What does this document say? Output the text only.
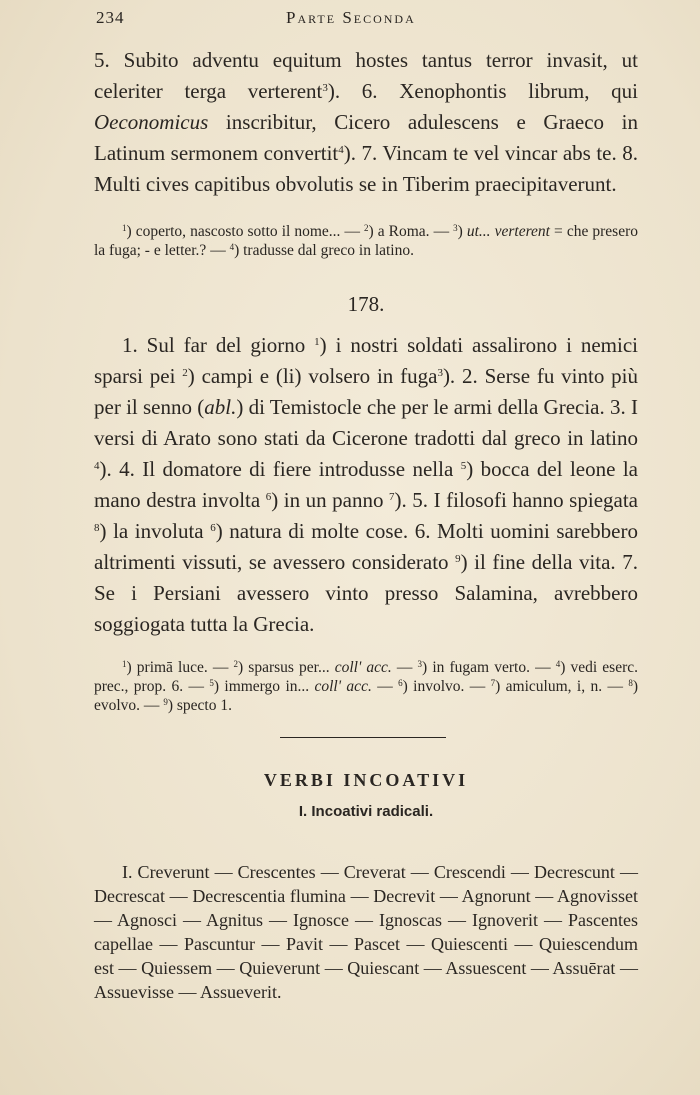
234	Parte Seconda

5. Subito adventu equitum hostes tantus terror invasit, ut celeriter terga verterent$^3$). 6. Xenophontis librum, qui Oeconomicus inscribitur, Cicero adulescens e Graeco in Latinum sermonem convertit$^4$). 7. Vincam te vel vincar abs te. 8. Multi cives capitibus obvolutis se in Tiberim praecipitaverunt.

$^1$) coperto, nascosto sotto il nome... — $^2$) a Roma. — $^3$) ut... verterent = che presero la fuga; - e letter.? — $^4$) tradusse dal greco in latino.

178.

1. Sul far del giorno $^1$) i nostri soldati assalirono i nemici sparsi pei $^2$) campi e (li) volsero in fuga$^3$). 2. Serse fu vinto più per il senno (abl.) di Temistocle che per le armi della Grecia. 3. I versi di Arato sono stati da Cicerone tradotti dal greco in latino $^4$). 4. Il domatore di fiere introdusse nella $^5$) bocca del leone la mano destra involta $^6$) in un panno $^7$). 5. I filosofi hanno spiegata $^8$) la involuta $^6$) natura di molte cose. 6. Molti uomini sarebbero altrimenti vissuti, se avessero considerato $^9$) il fine della vita. 7. Se i Persiani avessero vinto presso Salamina, avrebbero soggiogata tutta la Grecia.

$^1$) primā luce. — $^2$) sparsus per... coll' acc. — $^3$) in fugam verto. — $^4$) vedi eserc. prec., prop. 6. — $^5$) immergo in... coll' acc. — $^6$) involvo. — $^7$) amiculum, i, n. — $^8$) evolvo. — $^9$) specto 1.

VERBI INCOATIVI
I. Incoativi radicali.

I. Creverunt — Crescentes — Creverat — Crescendi — Decrescunt — Decrescat — Decrescentia flumina — Decrevit — Agnorunt — Agnovisset — Agnosci — Agnitus — Ignosce — Ignoscas — Ignoverit — Pascentes capellae — Pascuntur — Pavit — Pascet — Quiescenti — Quiescendum est — Quiessem — Quieverunt — Quiescant — Assuescent — Assuērat — Assuevisse — Assueverit.
